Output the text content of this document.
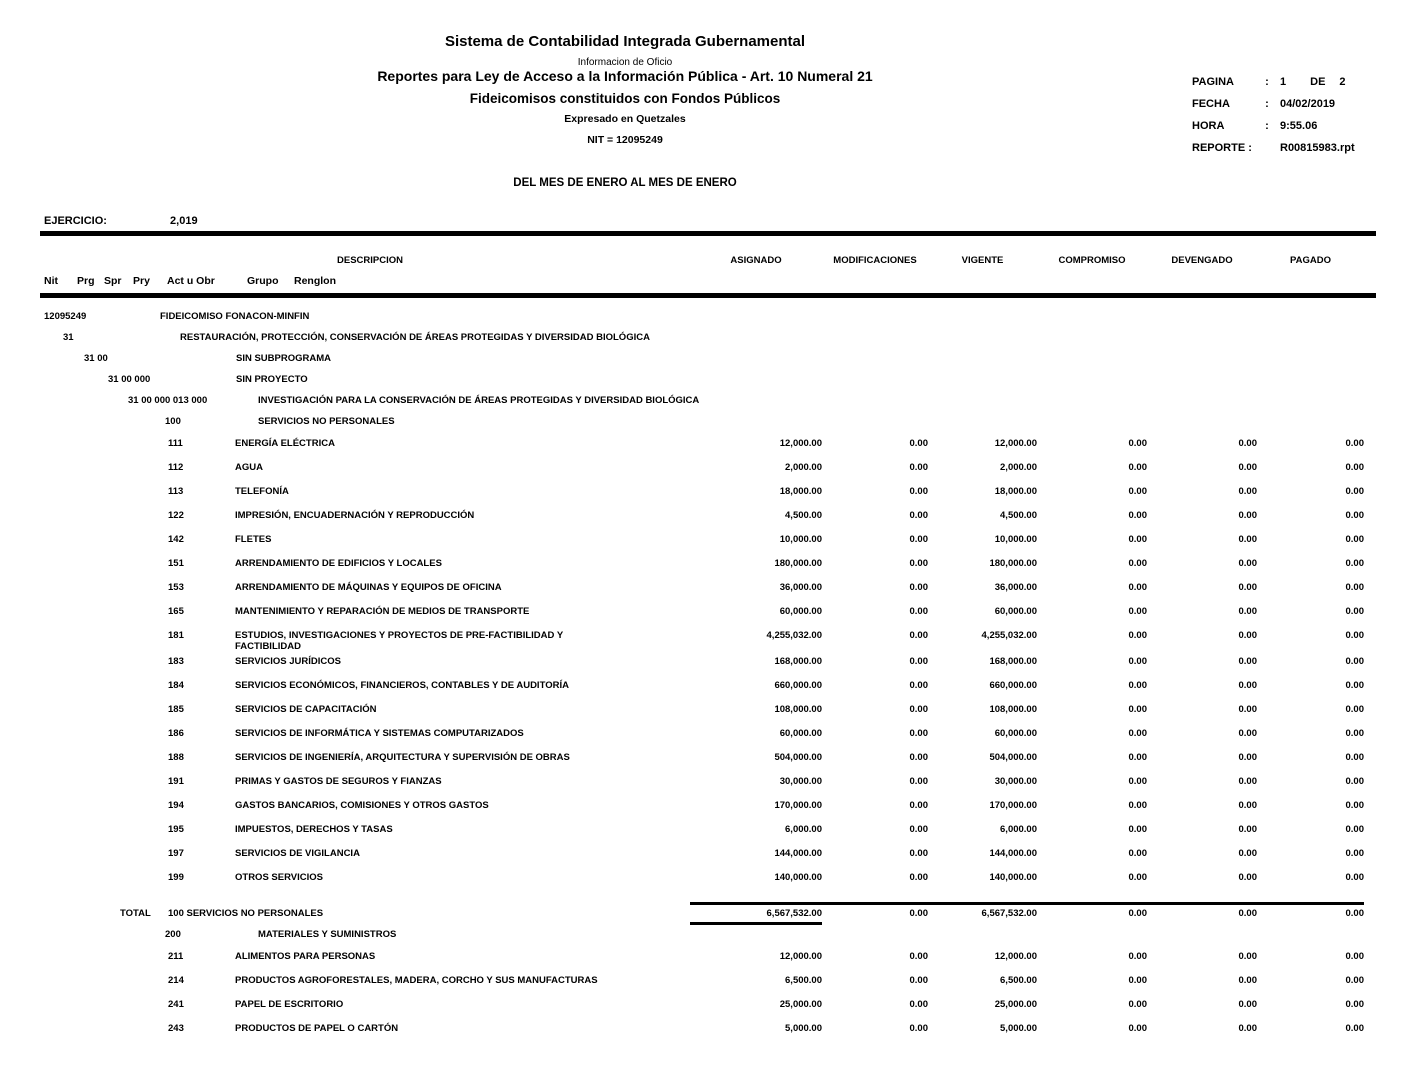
Sistema de Contabilidad Integrada Gubernamental
Informacion de Oficio
Reportes para Ley de Acceso a la Información Pública - Art. 10 Numeral 21
Fideicomisos constituidos con Fondos Públicos
Expresado en Quetzales
NIT = 12095249
DEL MES DE ENERO AL MES DE ENERO
PAGINA	:	1 DE 2
FECHA	:	04/02/2019
HORA	:	9:55.06
REPORTE :	R00815983.rpt
EJERCICIO:	2,019
DESCRIPCION	ASIGNADO	MODIFICACIONES	VIGENTE	COMPROMISO	DEVENGADO	PAGADO
Nit Prg Spr Pry Act u Obr	Grupo Renglon
12095249	FIDEICOMISO FONACON-MINFIN
31	RESTAURACIÓN, PROTECCIÓN, CONSERVACIÓN DE ÁREAS PROTEGIDAS Y DIVERSIDAD BIOLÓGICA
31 00	SIN SUBPROGRAMA
31 00 000	SIN PROYECTO
31 00 000 013 000	INVESTIGACIÓN PARA LA CONSERVACIÓN DE ÁREAS PROTEGIDAS Y DIVERSIDAD BIOLÓGICA
100	SERVICIOS NO PERSONALES
111	ENERGÍA ELÉCTRICA	12,000.00	0.00	12,000.00	0.00	0.00	0.00
112	AGUA	2,000.00	0.00	2,000.00	0.00	0.00	0.00
113	TELEFONÍA	18,000.00	0.00	18,000.00	0.00	0.00	0.00
122	IMPRESIÓN, ENCUADERNACIÓN Y REPRODUCCIÓN	4,500.00	0.00	4,500.00	0.00	0.00	0.00
142	FLETES	10,000.00	0.00	10,000.00	0.00	0.00	0.00
151	ARRENDAMIENTO DE EDIFICIOS Y LOCALES	180,000.00	0.00	180,000.00	0.00	0.00	0.00
153	ARRENDAMIENTO DE MÁQUINAS Y EQUIPOS DE OFICINA	36,000.00	0.00	36,000.00	0.00	0.00	0.00
165	MANTENIMIENTO Y REPARACIÓN DE MEDIOS DE TRANSPORTE	60,000.00	0.00	60,000.00	0.00	0.00	0.00
181	ESTUDIOS, INVESTIGACIONES Y PROYECTOS DE PRE-FACTIBILIDAD Y FACTIBILIDAD
4,255,032.00	0.00	4,255,032.00	0.00	0.00	0.00
183	SERVICIOS JURÍDICOS	168,000.00	0.00	168,000.00	0.00	0.00	0.00
184	SERVICIOS ECONÓMICOS, FINANCIEROS, CONTABLES Y DE AUDITORÍA	660,000.00	0.00	660,000.00	0.00	0.00	0.00
185	SERVICIOS DE CAPACITACIÓN	108,000.00	0.00	108,000.00	0.00	0.00	0.00
186	SERVICIOS DE INFORMÁTICA Y SISTEMAS COMPUTARIZADOS	60,000.00	0.00	60,000.00	0.00	0.00	0.00
188	SERVICIOS DE INGENIERÍA, ARQUITECTURA Y SUPERVISIÓN DE OBRAS	504,000.00	0.00	504,000.00	0.00	0.00	0.00
191	PRIMAS Y GASTOS DE SEGUROS Y FIANZAS	30,000.00	0.00	30,000.00	0.00	0.00	0.00
194	GASTOS BANCARIOS, COMISIONES Y OTROS GASTOS	170,000.00	0.00	170,000.00	0.00	0.00	0.00
195	IMPUESTOS, DERECHOS Y TASAS	6,000.00	0.00	6,000.00	0.00	0.00	0.00
197	SERVICIOS DE VIGILANCIA	144,000.00	0.00	144,000.00	0.00	0.00	0.00
199	OTROS SERVICIOS	140,000.00	0.00	140,000.00	0.00	0.00	0.00
TOTAL 100 SERVICIOS NO PERSONALES	6,567,532.00	0.00	6,567,532.00	0.00	0.00	0.00
200	MATERIALES Y SUMINISTROS
211	ALIMENTOS PARA PERSONAS	12,000.00	0.00	12,000.00	0.00	0.00	0.00
214	PRODUCTOS AGROFORESTALES, MADERA, CORCHO Y SUS MANUFACTURAS	6,500.00	0.00	6,500.00	0.00	0.00	0.00
241	PAPEL DE ESCRITORIO	25,000.00	0.00	25,000.00	0.00	0.00	0.00
243	PRODUCTOS DE PAPEL O CARTÓN	5,000.00	0.00	5,000.00	0.00	0.00	0.00
